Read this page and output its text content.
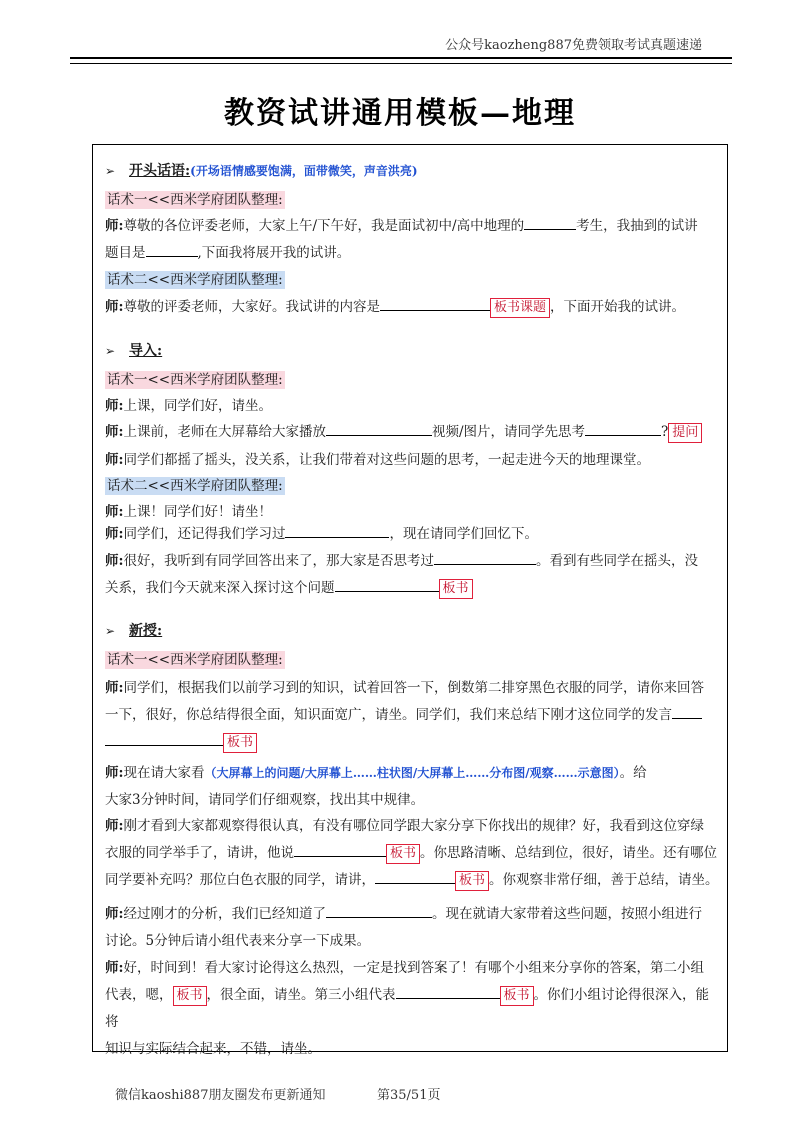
公众号kaozheng887免费领取考试真题速递
教资试讲通用模板—地理
➢ 开头话语:(开场语情感要饱满，面带微笑，声音洪亮)
话术一<<西米学府团队整理:
师:尊敬的各位评委老师，大家上午/下午好，我是面试初中/高中地理的	考生，我抽到的试讲
题目是	,下面我将展开我的试讲。
话术二<<西米学府团队整理:
师:尊敬的评委老师，大家好。我试讲的内容是	板书课题 ，下面开始我的试讲。
➢ 导入:
话术一<<西米学府团队整理:
师:上课，同学们好，请坐。
师:上课前，老师在大屏幕给大家播放	视频/图片，请同学先思考	? 提问
师:同学们都摇了摇头，没关系，让我们带着对这些问题的思考，一起走进今天的地理课堂。
话术二<<西米学府团队整理:
师:上课！同学们好！请坐！
师:同学们，还记得我们学习过	，现在请同学们回忆下。
师:很好，我听到有同学回答出来了，那大家是否思考过	。看到有些同学在摇头，没
关系，我们今天就来深入探讨这个问题	板书
➢ 新授:
话术一<<西米学府团队整理:
师:同学们，根据我们以前学习到的知识，试着回答一下，倒数第二排穿黑色衣服的同学，请你来回答
一下，很好，你总结得很全面，知识面宽广，请坐。同学们，我们来总结下刚才这位同学的发言
板书
师:现在请大家看（大屏幕上的问题/大屏幕上……柱状图/大屏幕上……分布图/观察……示意图）。给
大家3分钟时间，请同学们仔细观察，找出其中规律。
师:刚才看到大家都观察得很认真，有没有哪位同学跟大家分享下你找出的规律？好，我看到这位穿绿
衣服的同学举手了，请讲，他说	板书 。你思路清晰、总结到位，很好，请坐。还有哪位
同学要补充吗？那位白色衣服的同学，请讲，	板书 。你观察非常仔细，善于总结，请坐。
师:经过刚才的分析，我们已经知道了	。现在就请大家带着这些问题，按照小组进行
讨论。5分钟后请小组代表来分享一下成果。
师:好，时间到！看大家讨论得这么热烈，一定是找到答案了！有哪个小组来分享你的答案，第二小组
代表，嗯， 板书 ，很全面，请坐。第三小组代表	板书 。你们小组讨论得很深入，能将
知识与实际结合起来，不错，请坐。
微信kaoshi887朋友圈发布更新通知	第35/51页
